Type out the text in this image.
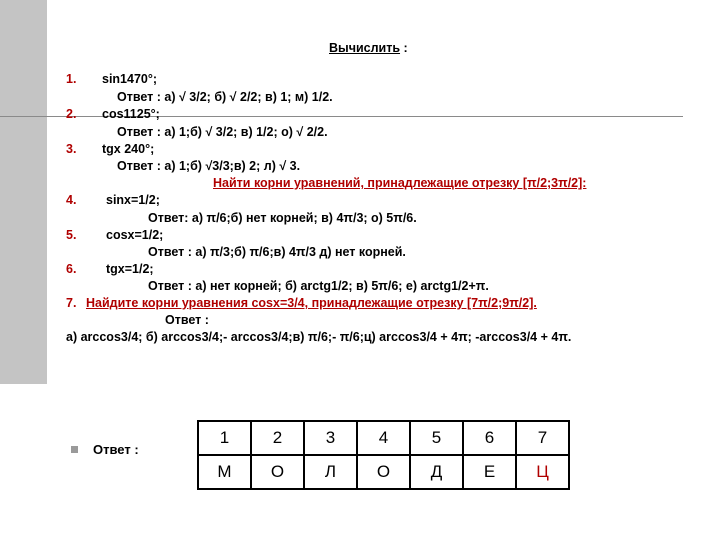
Вычислить :
1. sin1470°;
Ответ : а) √ 3/2; б) √ 2/2; в) 1; м) 1/2.
2. cos1125°;
Ответ : а) 1;б) √ 3/2; в) 1/2; о) √ 2/2.
3. tgx 240°;
Ответ : а) 1;б) √3/3;в) 2; л) √ 3.
Найти корни уравнений, принадлежащие отрезку [π/2;3π/2]:
4. sinx=1/2;
Ответ: а) π/6;б) нет корней; в) 4π/3; о) 5π/6.
5. cosx=1/2;
Ответ : а) π/3;б) π/6;в) 4π/3 д) нет корней.
6. tgx=1/2;
Ответ : а) нет корней; б) arctg1/2; в) 5π/6; е) arctg1/2+π.
7. Найдите корни уравнения cosx=3/4, принадлежащие отрезку [7π/2;9π/2].
Ответ :
а) arccos3/4; б) arccos3/4;- arccos3/4;в) π/6;- π/6;ц) arccos3/4 + 4π; -arccos3/4 + 4π.
Ответ :
1	2	3	4	5	6	7
М	О	Л	О	Д	Е	Ц
